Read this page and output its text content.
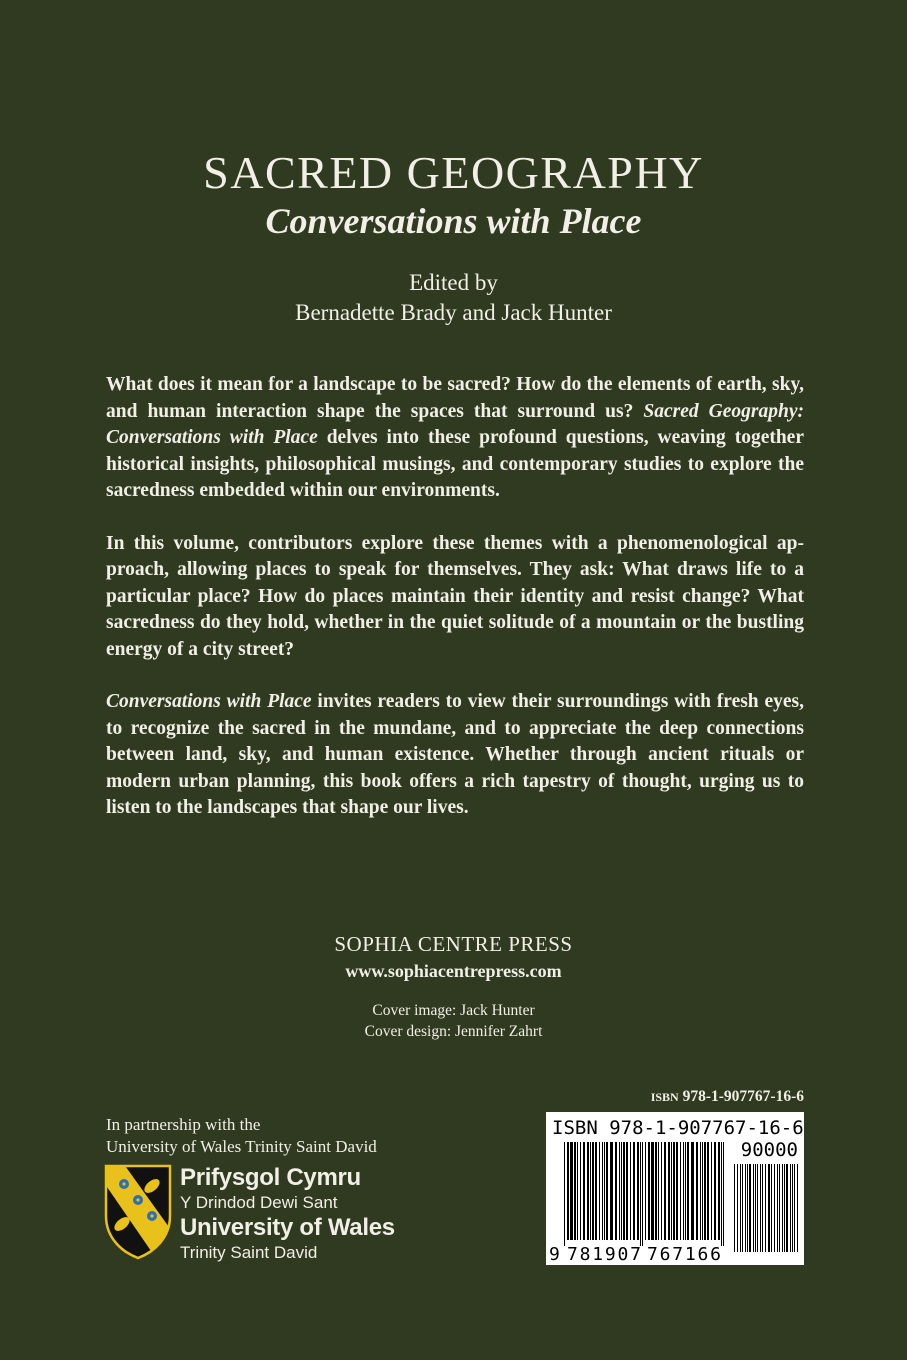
SACRED GEOGRAPHY
Conversations with Place
Edited by
Bernadette Brady and Jack Hunter

What does it mean for a landscape to be sacred? How do the elements of earth, sky, and human interaction shape the spaces that surround us? Sacred Geography: Conversations with Place delves into these profound questions, weaving together historical insights, philosophical musings, and contemporary studies to explore the sacredness embedded within our environments.

In this volume, contributors explore these themes with a phenomenological approach, allowing places to speak for themselves. They ask: What draws life to a particular place? How do places maintain their identity and resist change? What sacredness do they hold, whether in the quiet solitude of a mountain or the bustling energy of a city street?

Conversations with Place invites readers to view their surroundings with fresh eyes, to recognize the sacred in the mundane, and to appreciate the deep connections between land, sky, and human existence. Whether through ancient rituals or modern urban planning, this book offers a rich tapestry of thought, urging us to listen to the landscapes that shape our lives.

SOPHIA CENTRE PRESS
www.sophiacentrepress.com
Cover image: Jack Hunter
Cover design: Jennifer Zahrt
In partnership with the
University of Wales Trinity Saint David
Prifysgol Cymru
Y Drindod Dewi Sant
University of Wales
Trinity Saint David
ISBN 978-1-907767-16-6
ISBN 978-1-907767-16-6
90000
9 781907 767166
